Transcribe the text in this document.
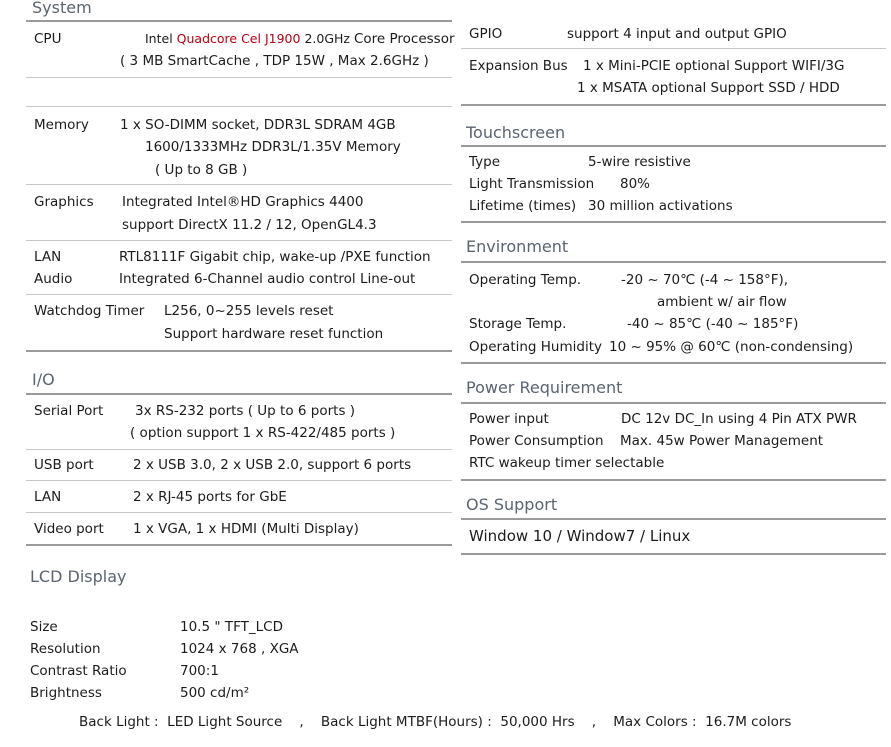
System
CPU	Intel Quadcore Cel J1900 2.0GHz Core Processor
( 3 MB SmartCache , TDP 15W , Max 2.6GHz )
Memory 1 x SO-DIMM socket, DDR3L SDRAM 4GB
1600/1333MHz DDR3L/1.35V Memory
( Up to 8 GB )
Graphics Integrated Intel®HD Graphics 4400
support DirectX 11.2 / 12, OpenGL4.3
LAN	RTL8111F Gigabit chip, wake-up /PXE function
Audio	Integrated 6-Channel audio control Line-out
Watchdog Timer L256, 0~255 levels reset
Support hardware reset function
I/O
Serial Port 3x RS-232 ports ( Up to 6 ports )
( option support 1 x RS-422/485 ports )
USB port	2 x USB 3.0, 2 x USB 2.0, support 6 ports
LAN	2 x RJ-45 ports for GbE
Video port 1 x VGA, 1 x HDMI (Multi Display)
GPIO	support 4 input and output GPIO
Expansion Bus 1 x Mini-PCIE optional Support WIFI/3G
1 x MSATA optional Support SSD / HDD
Touchscreen
Type	5-wire resistive
Light Transmission 80%
Lifetime (times) 30 million activations
Environment
Operating Temp.	-20 ~ 70℃ (-4 ~ 158°F),
ambient w/ air flow
Storage Temp.	-40 ~ 85℃ (-40 ~ 185°F)
Operating Humidity 10 ~ 95% @ 60℃ (non-condensing)
Power Requirement
Power input	DC 12v DC_In using 4 Pin ATX PWR
Power Consumption Max. 45w Power Management
RTC wakeup timer selectable
OS Support
Window 10 / Window7 / Linux
LCD Display
Size	10.5 " TFT_LCD
Resolution	1024 x 768 , XGA
Contrast Ratio	700:1
Brightness	500 cd/m²
Back Light :  LED Light Source    ,    Back Light MTBF(Hours) :  50,000 Hrs    ,    Max Colors :  16.7M colors
